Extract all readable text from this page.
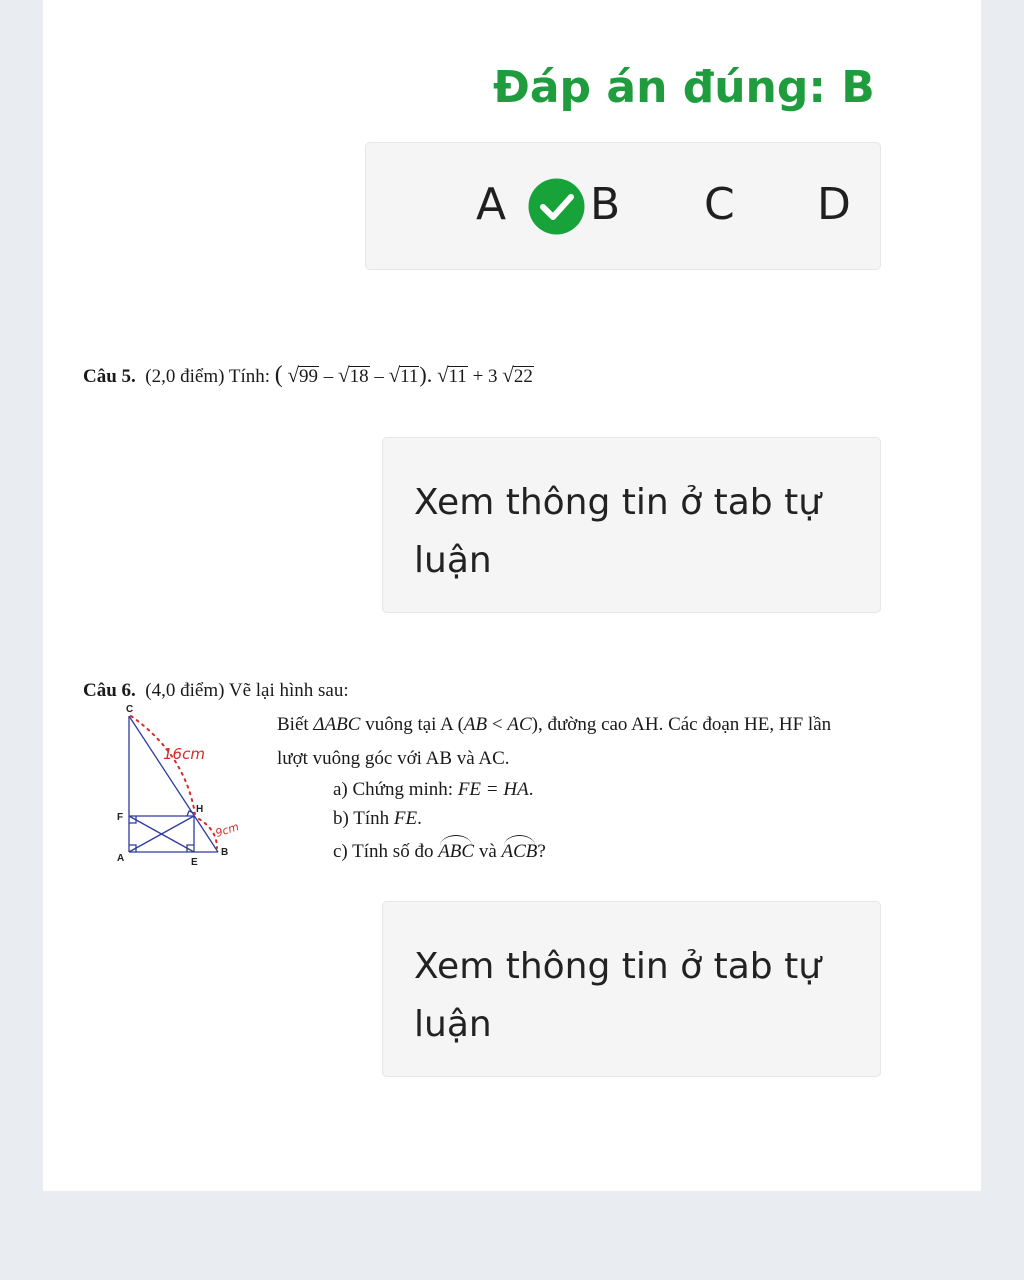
Đáp án đúng: B
A B C D
Câu 5. (2,0 điểm) Tính: ( √99 – √18 – √11). √11 + 3 √22
Xem thông tin ở tab tự luận
Câu 6. (4,0 điểm) Vẽ lại hình sau:
C
H
F
A	E
B
16cm
9cm
Biết ΔABC vuông tại A (AB < AC), đường cao AH. Các đoạn HE, HF lần
lượt vuông góc với AB và AC.
a) Chứng minh: FE = HA.
b) Tính FE.
c) Tính số đo ABC và ACB?
Xem thông tin ở tab tự luận
